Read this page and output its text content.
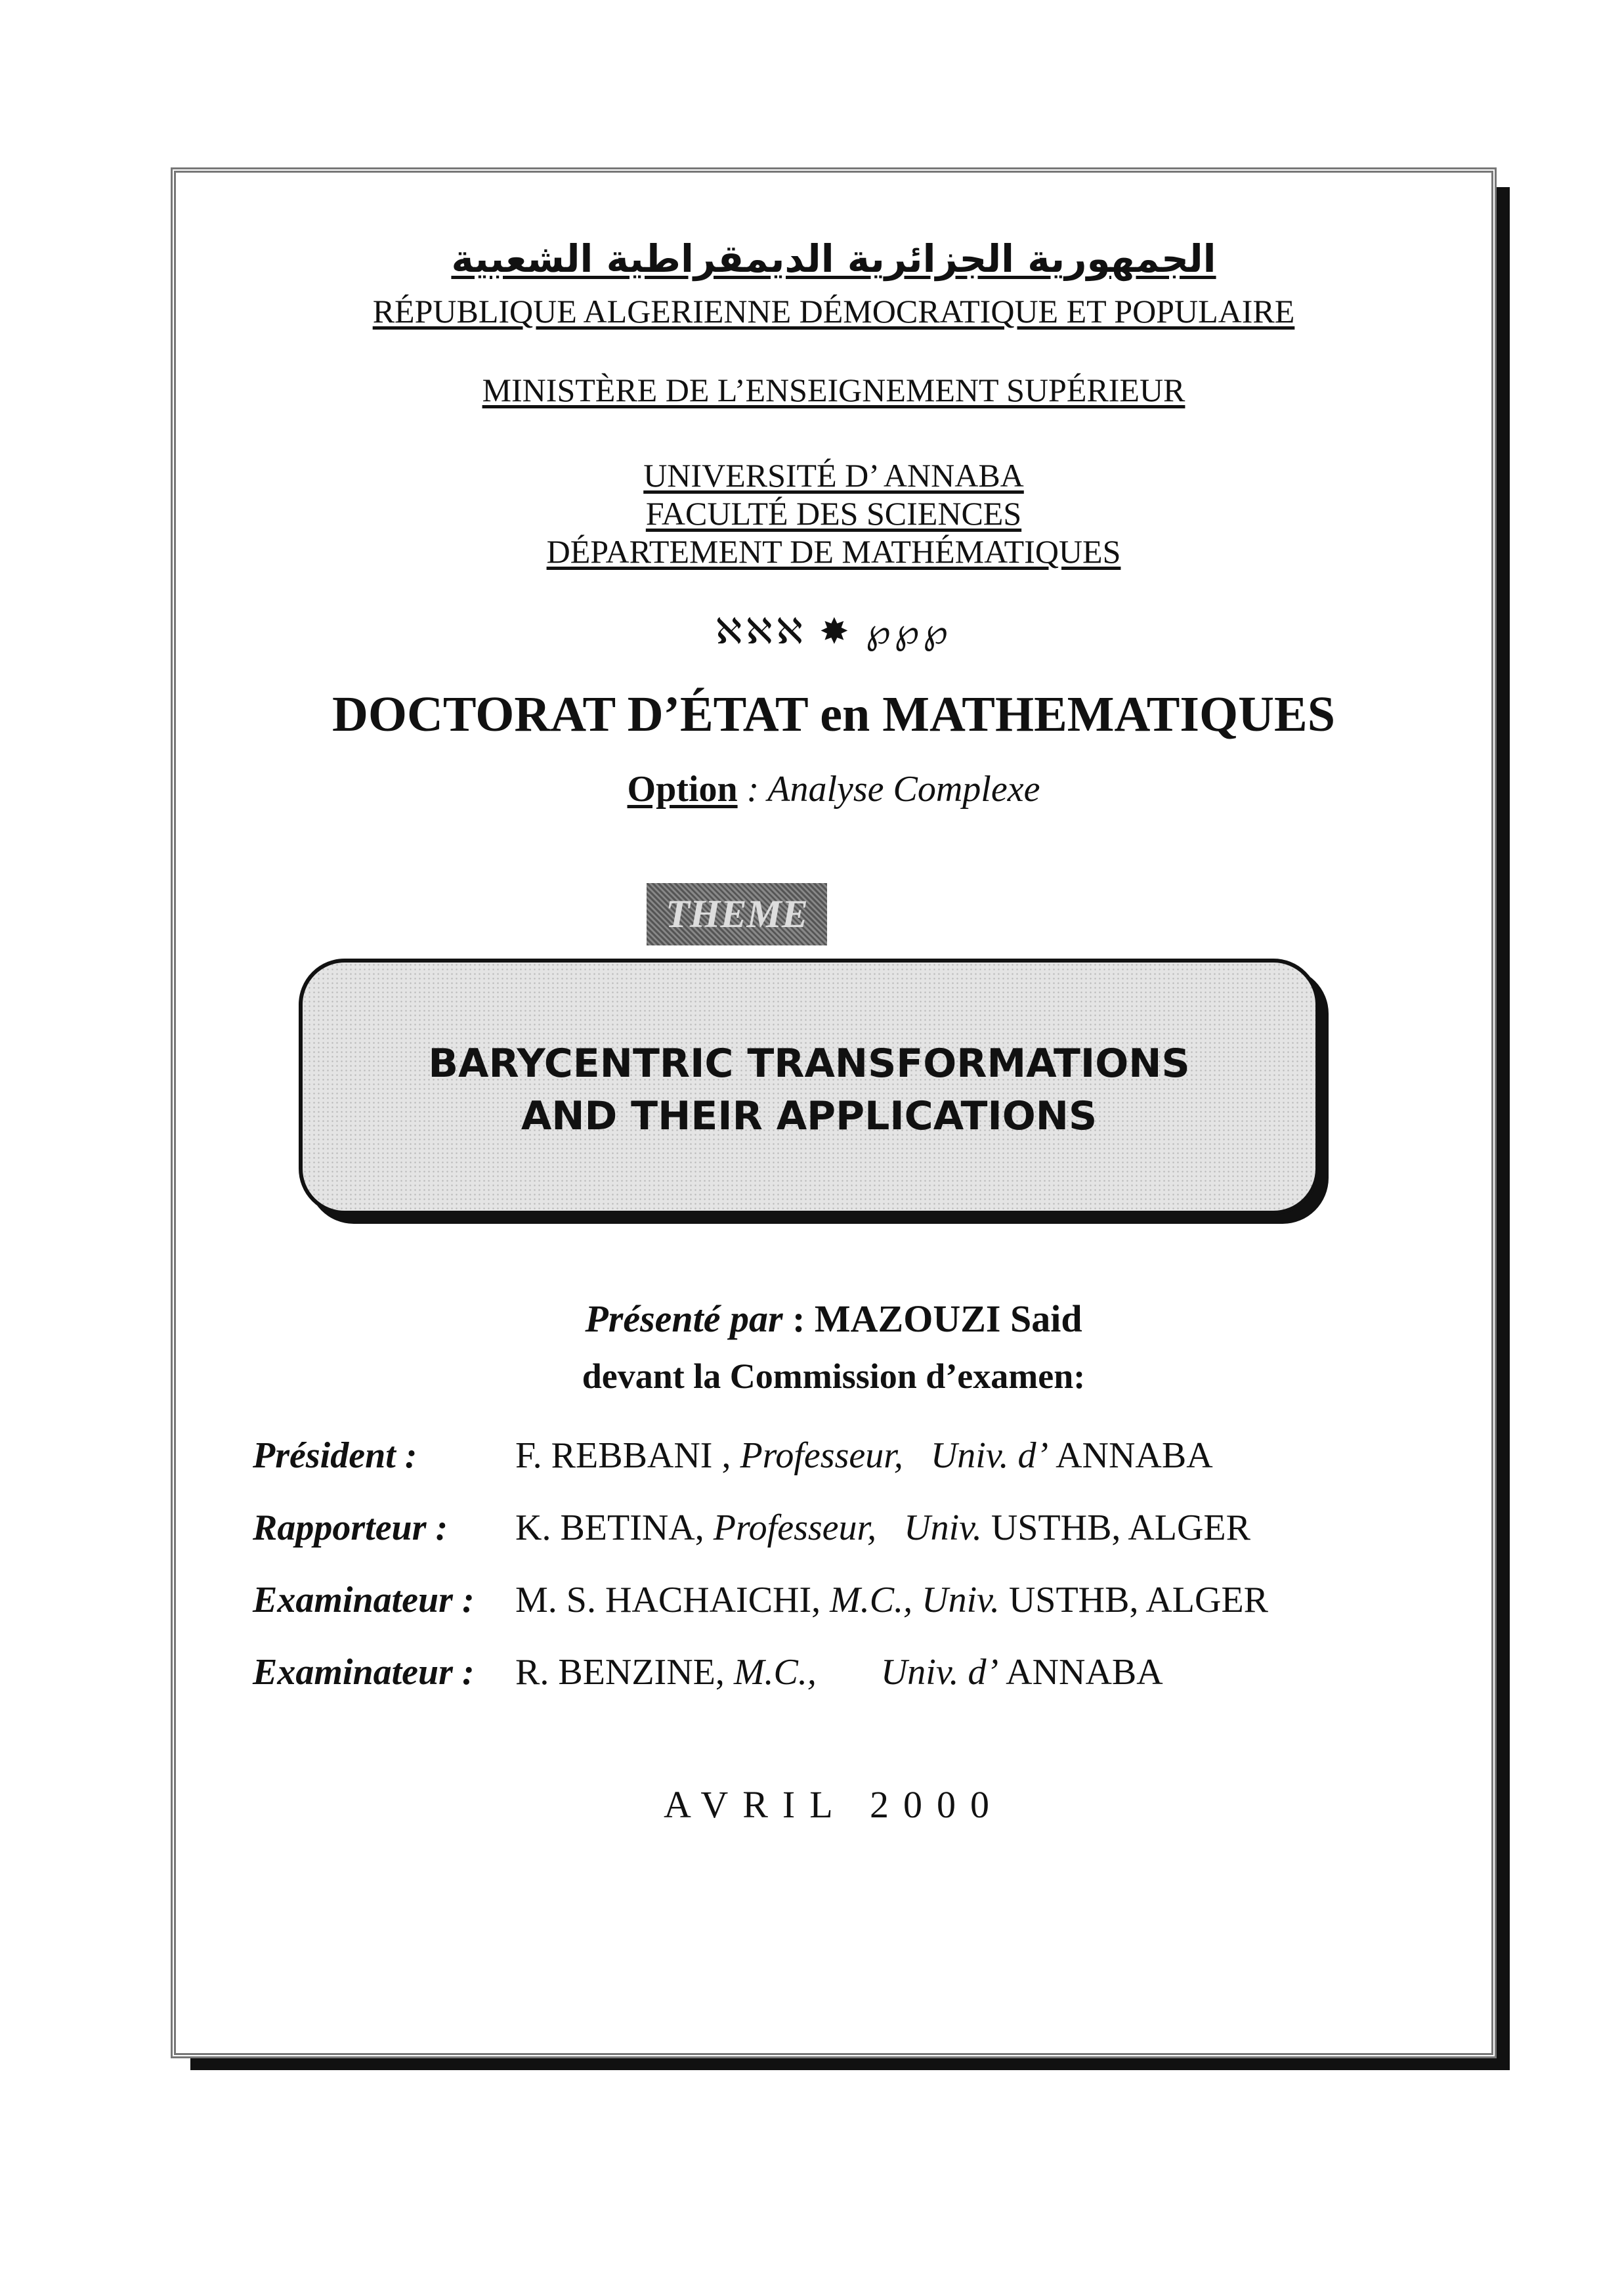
الجمهورية الجزائرية الديمقراطية الشعبية
RÉPUBLIQUE ALGERIENNE DÉMOCRATIQUE ET POPULAIRE
MINISTÈRE DE L’ENSEIGNEMENT SUPÉRIEUR
UNIVERSITÉ D’ ANNABA
FACULTÉ DES SCIENCES
DÉPARTEMENT DE MATHÉMATIQUES
ℵℵℵ ✸ ℘℘℘
DOCTORAT D’ÉTAT en MATHEMATIQUES
Option : Analyse Complexe
THEME
BARYCENTRIC TRANSFORMATIONS
AND THEIR APPLICATIONS
Présenté par : MAZOUZI Said
devant la Commission d’examen:
Président :	F. REBBANI , Professeur, Univ. d’ ANNABA
Rapporteur : K. BETINA, Professeur, Univ. USTHB, ALGER
Examinateur : M. S. HACHAICHI, M.C., Univ. USTHB, ALGER
Examinateur : R. BENZINE, M.C., Univ. d’ ANNABA
AVRIL 2000
